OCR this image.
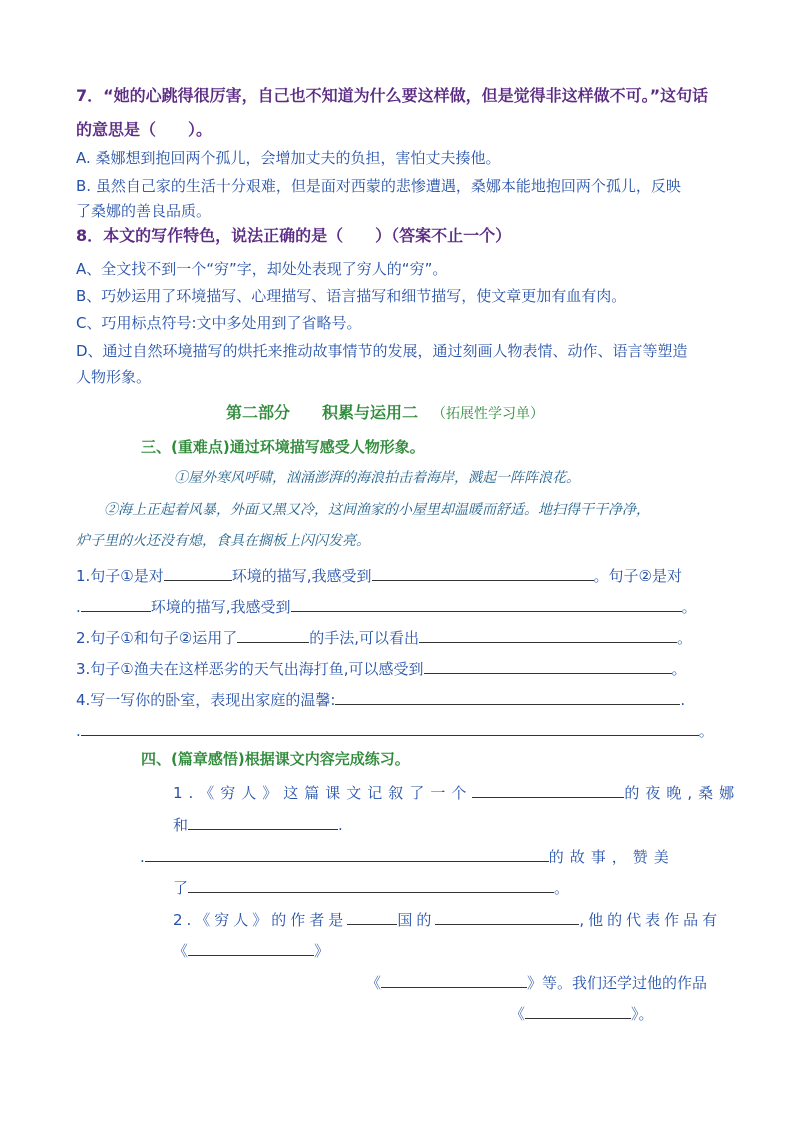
7．“她的心跳得很厉害，自己也不知道为什么要这样做，但是觉得非这样做不可。”这句话
的意思是（　　）。
A. 桑娜想到抱回两个孤儿，会增加丈夫的负担，害怕丈夫揍他。
B. 虽然自己家的生活十分艰难，但是面对西蒙的悲惨遭遇，桑娜本能地抱回两个孤儿，反映
了桑娜的善良品质。
8．本文的写作特色，说法正确的是（　　）（答案不止一个）
A、全文找不到一个“穷”字，却处处表现了穷人的“穷”。
B、巧妙运用了环境描写、心理描写、语言描写和细节描写，使文章更加有血有肉。
C、巧用标点符号:文中多处用到了省略号。
D、通过自然环境描写的烘托来推动故事情节的发展，通过刻画人物表情、动作、语言等塑造
人物形象。
第二部分　　积累与运用二 （拓展性学习单）
三、(重难点)通过环境描写感受人物形象。
①屋外寒风呼啸，汹涌澎湃的海浪拍击着海岸，溅起一阵阵浪花。
②海上正起着风暴，外面又黑又冷，这间渔家的小屋里却温暖而舒适。地扫得干干净净，
炉子里的火还没有熄，食具在搁板上闪闪发亮。
1.句子①是对	环境的描写,我感受到	。句子②是对
.	环境的描写,我感受到	。
2.句子①和句子②运用了	的手法,可以看出	。
3.句子①渔夫在这样恶劣的天气出海打鱼,可以感受到	。
4.写一写你的卧室，表现出家庭的温馨:	.
.	。
四、(篇章感悟)根据课文内容完成练习。
1.《穷人》这篇课文记叙了一个	的夜晚,桑娜
和	.
.	的故事，赞美
了	。
2.《穷人》的作者是	国的	,他的代表作品有
《	》
《	》等。我们还学过他的作品
《	》。
